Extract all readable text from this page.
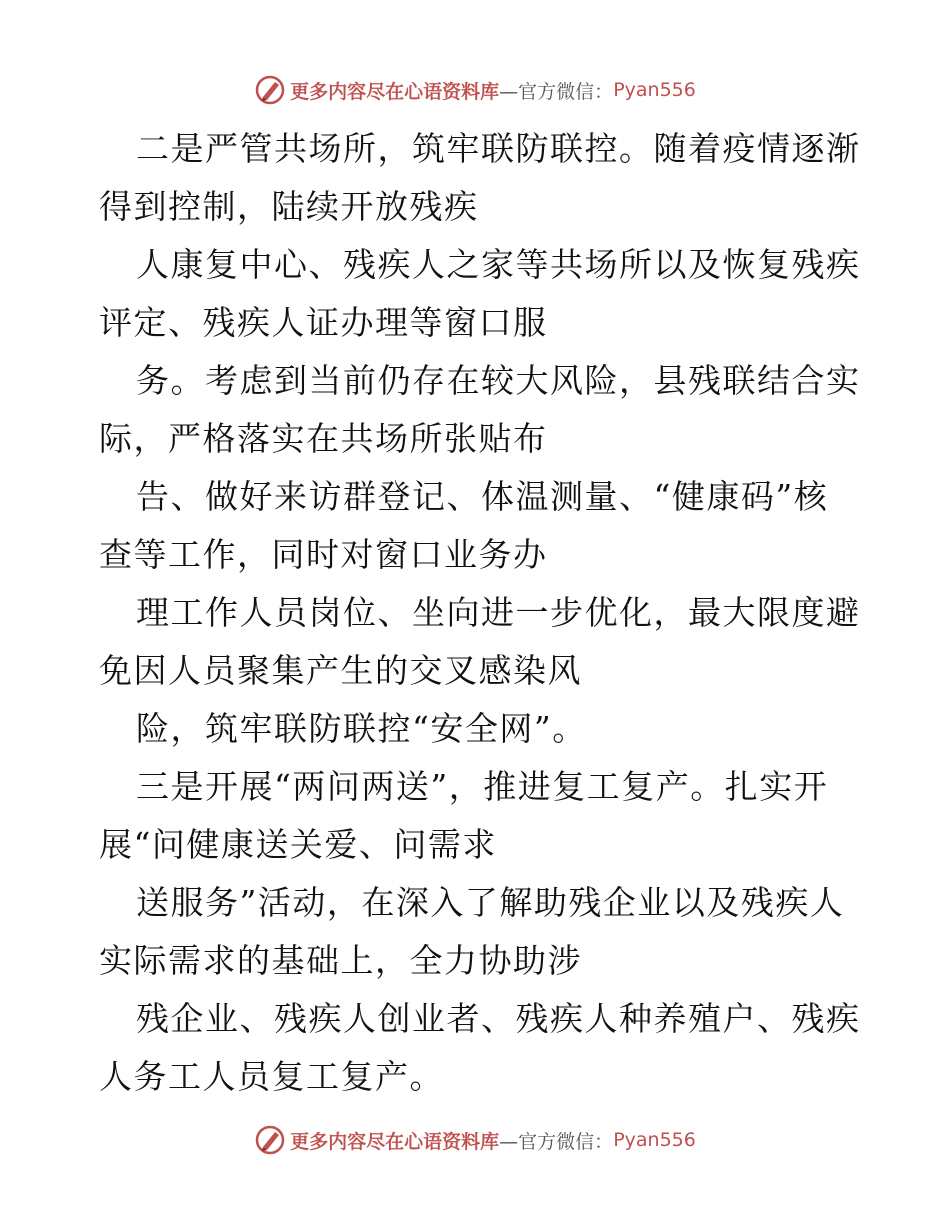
更多内容尽在心语资料库 —官方微信： Pyan556
二是严管共场所，筑牢联防联控。随着疫情逐渐
得到控制，陆续开放残疾
人康复中心、残疾人之家等共场所以及恢复残疾
评定、残疾人证办理等窗口服
务。考虑到当前仍存在较大风险，县残联结合实
际，严格落实在共场所张贴布
告、做好来访群登记、体温测量、“健康码”核
查等工作，同时对窗口业务办
理工作人员岗位、坐向进一步优化，最大限度避
免因人员聚集产生的交叉感染风
险，筑牢联防联控“安全网”。
三是开展“两问两送”，推进复工复产。扎实开
展“问健康送关爱、问需求
送服务”活动，在深入了解助残企业以及残疾人
实际需求的基础上，全力协助涉
残企业、残疾人创业者、残疾人种养殖户、残疾
人务工人员复工复产。
更多内容尽在心语资料库 —官方微信： Pyan556
